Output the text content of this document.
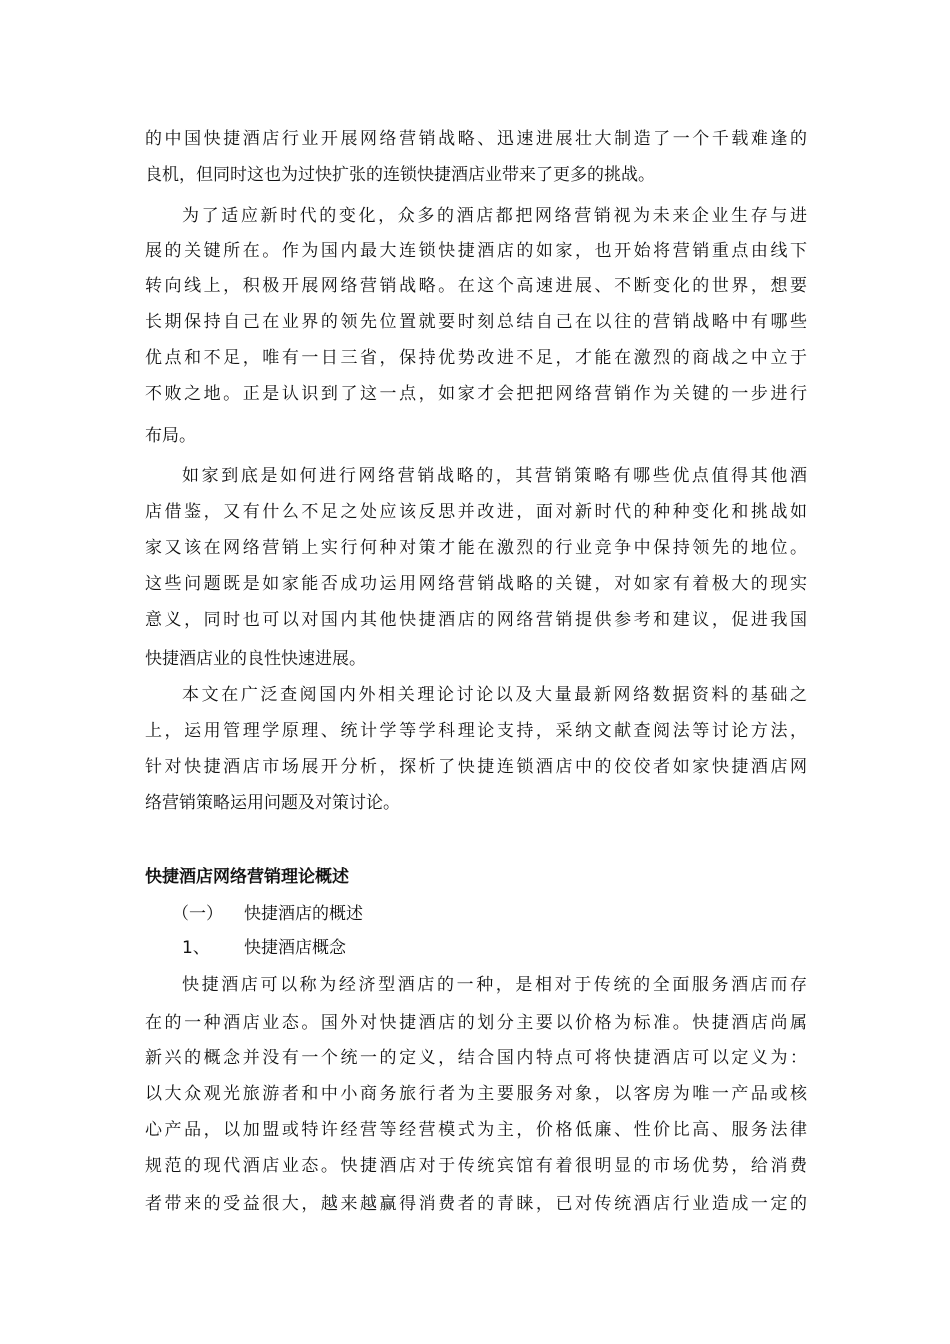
的中国快捷酒店行业开展网络营销战略、迅速进展壮大制造了一个千载难逢的
良机，但同时这也为过快扩张的连锁快捷酒店业带来了更多的挑战。
为了适应新时代的变化，众多的酒店都把网络营销视为未来企业生存与进
展的关键所在。作为国内最大连锁快捷酒店的如家，也开始将营销重点由线下
转向线上，积极开展网络营销战略。在这个高速进展、不断变化的世界，想要
长期保持自己在业界的领先位置就要时刻总结自己在以往的营销战略中有哪些
优点和不足，唯有一日三省，保持优势改进不足，才能在激烈的商战之中立于
不败之地。正是认识到了这一点，如家才会把把网络营销作为关键的一步进行
布局。
如家到底是如何进行网络营销战略的，其营销策略有哪些优点值得其他酒
店借鉴，又有什么不足之处应该反思并改进，面对新时代的种种变化和挑战如
家又该在网络营销上实行何种对策才能在激烈的行业竞争中保持领先的地位。
这些问题既是如家能否成功运用网络营销战略的关键，对如家有着极大的现实
意义，同时也可以对国内其他快捷酒店的网络营销提供参考和建议，促进我国
快捷酒店业的良性快速进展。
本文在广泛查阅国内外相关理论讨论以及大量最新网络数据资料的基础之
上，运用管理学原理、统计学等学科理论支持，采纳文献查阅法等讨论方法，
针对快捷酒店市场展开分析，探析了快捷连锁酒店中的佼佼者如家快捷酒店网
络营销策略运用问题及对策讨论。
快捷酒店网络营销理论概述
（一） 快捷酒店的概述
1、 快捷酒店概念
快捷酒店可以称为经济型酒店的一种，是相对于传统的全面服务酒店而存
在的一种酒店业态。国外对快捷酒店的划分主要以价格为标准。快捷酒店尚属
新兴的概念并没有一个统一的定义，结合国内特点可将快捷酒店可以定义为：
以大众观光旅游者和中小商务旅行者为主要服务对象，以客房为唯一产品或核
心产品，以加盟或特许经营等经营模式为主，价格低廉、性价比高、服务法律
规范的现代酒店业态。快捷酒店对于传统宾馆有着很明显的市场优势，给消费
者带来的受益很大，越来越赢得消费者的青睐，已对传统酒店行业造成一定的
